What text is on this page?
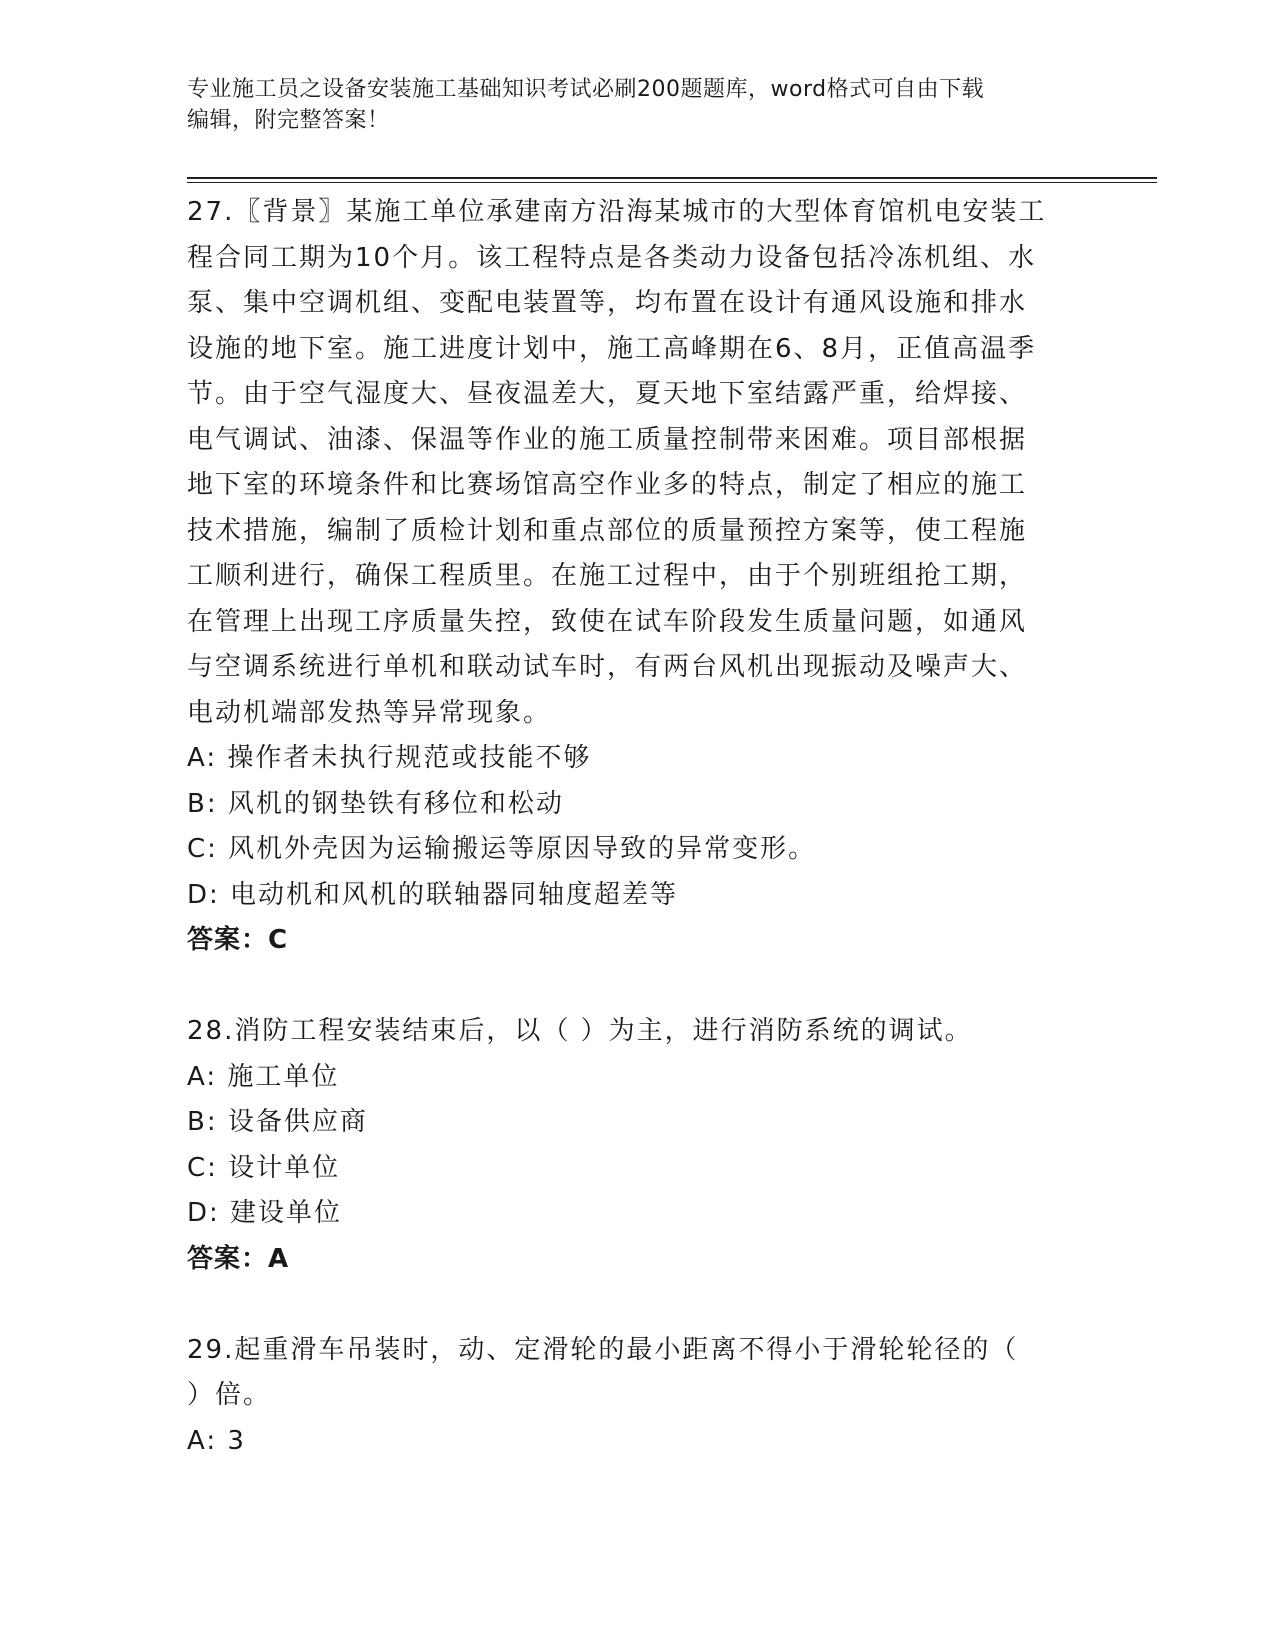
专业施工员之设备安装施工基础知识考试必刷200题题库，word格式可自由下载
编辑，附完整答案！

27.〖背景〗某施工单位承建南方沿海某城市的大型体育馆机电安装工

程合同工期为10个月。该工程特点是各类动力设备包括冷冻机组、水

泵、集中空调机组、变配电装置等，均布置在设计有通风设施和排水

设施的地下室。施工进度计划中，施工高峰期在6、8月，正值高温季

节。由于空气湿度大、昼夜温差大，夏天地下室结露严重，给焊接、

电气调试、油漆、保温等作业的施工质量控制带来困难。项目部根据

地下室的环境条件和比赛场馆高空作业多的特点，制定了相应的施工

技术措施，编制了质检计划和重点部位的质量预控方案等，使工程施

工顺利进行，确保工程质里。在施工过程中，由于个别班组抢工期，

在管理上出现工序质量失控，致使在试车阶段发生质量问题，如通风

与空调系统进行单机和联动试车时，有两台风机出现振动及噪声大、

电动机端部发热等异常现象。

A: 操作者未执行规范或技能不够

B: 风机的钢垫铁有移位和松动

C: 风机外壳因为运输搬运等原因导致的异常变形。

D: 电动机和风机的联轴器同轴度超差等

答案：C

28.消防工程安装结束后，以（ ）为主，进行消防系统的调试。

A: 施工单位

B: 设备供应商

C: 设计单位

D: 建设单位

答案：A

29.起重滑车吊装时，动、定滑轮的最小距离不得小于滑轮轮径的（

）倍。

A: 3
